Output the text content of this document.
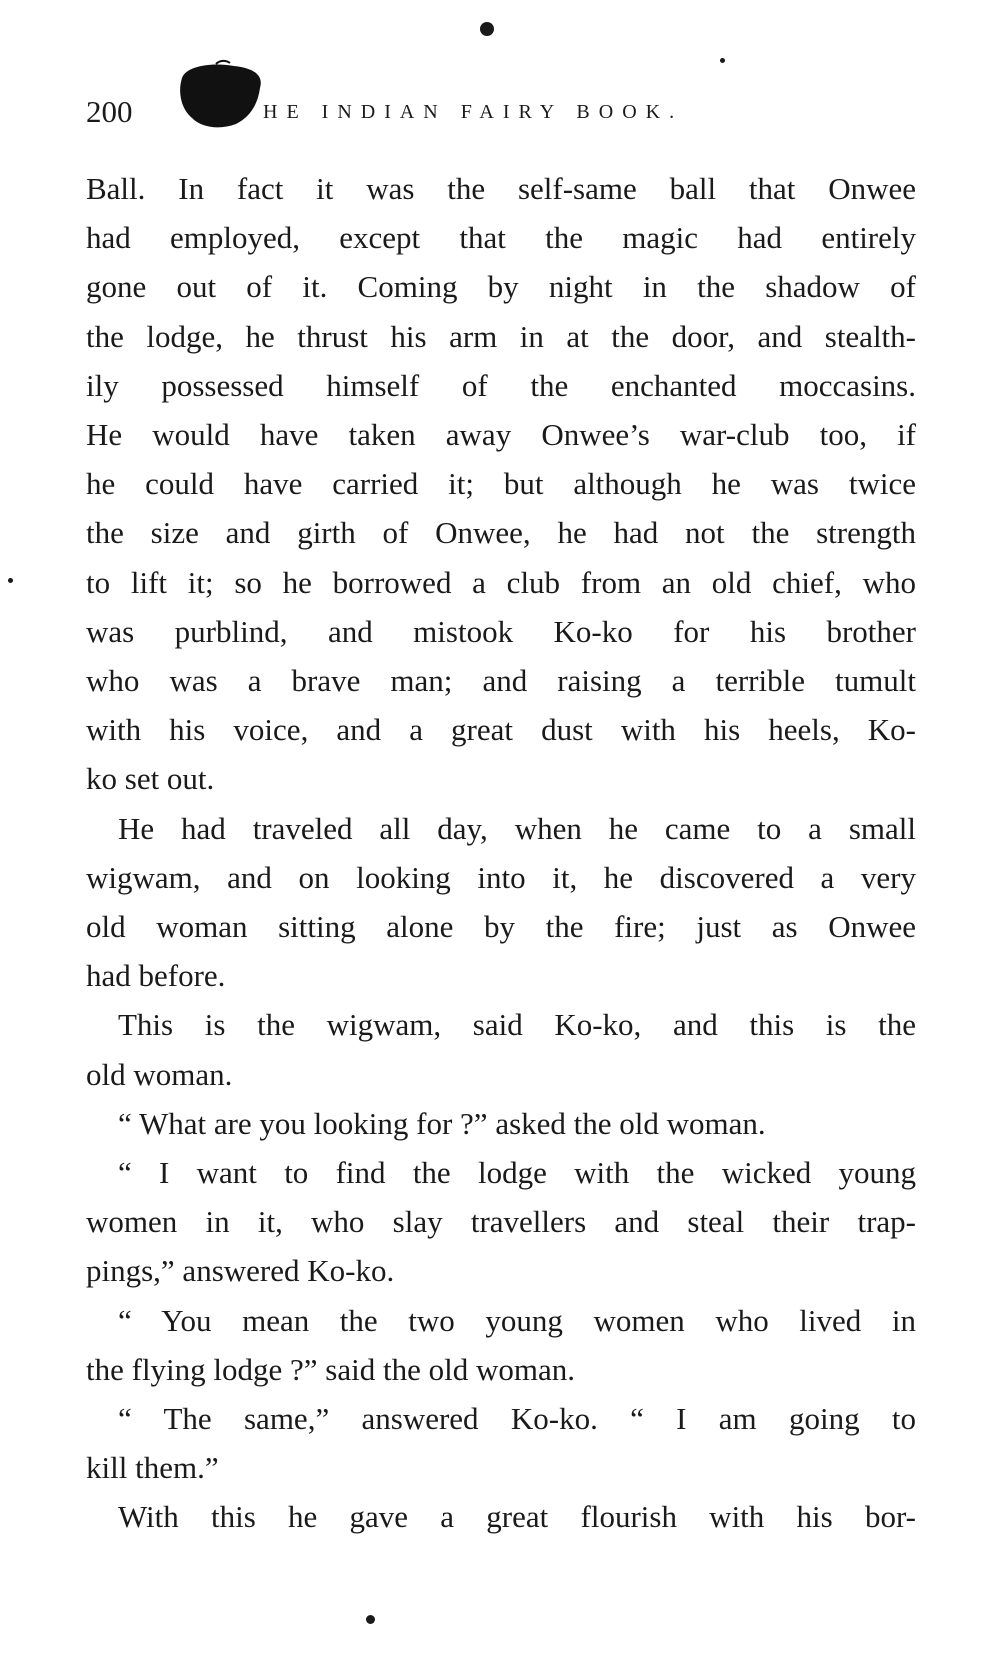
200	HE INDIAN FAIRY BOOK.
Ball. In fact it was the self-same ball that Onwee
had employed, except that the magic had entirely
gone out of it. Coming by night in the shadow of
the lodge, he thrust his arm in at the door, and stealth-
ily possessed himself of the enchanted moccasins.
He would have taken away Onwee’s war-club too, if
he could have carried it; but although he was twice
the size and girth of Onwee, he had not the strength
to lift it; so he borrowed a club from an old chief, who
was purblind, and mistook Ko-ko for his brother
who was a brave man; and raising a terrible tumult
with his voice, and a great dust with his heels, Ko-
ko set out.
He had traveled all day, when he came to a small
wigwam, and on looking into it, he discovered a very
old woman sitting alone by the fire; just as Onwee
had before.
This is the wigwam, said Ko-ko, and this is the
old woman.
“ What are you looking for ?” asked the old woman.
“ I want to find the lodge with the wicked young
women in it, who slay travellers and steal their trap-
pings,” answered Ko-ko.
“ You mean the two young women who lived in
the flying lodge ?” said the old woman.
“ The same,” answered Ko-ko. “ I am going to
kill them.”
With this he gave a great flourish with his bor-
